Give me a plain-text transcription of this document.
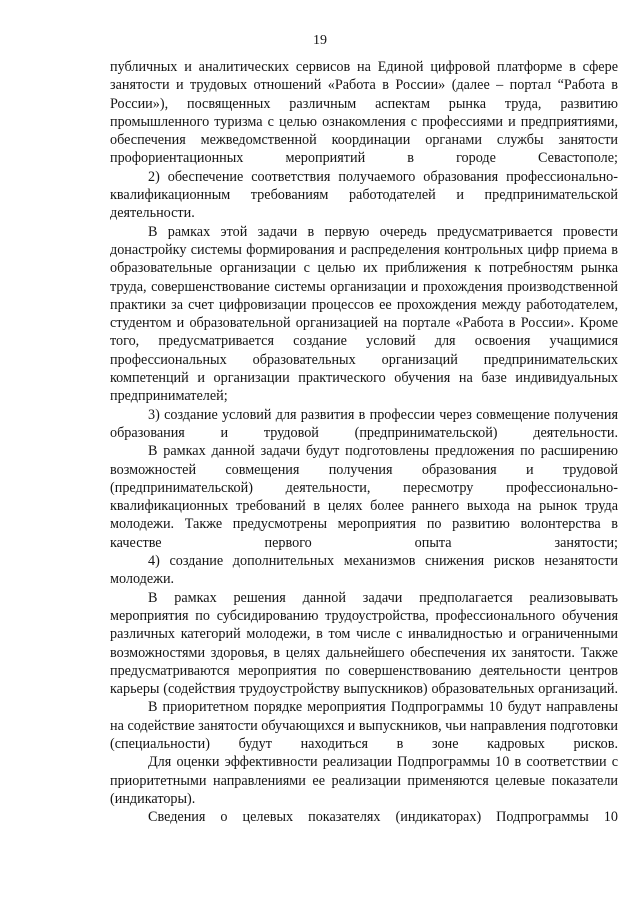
19

публичных и аналитических сервисов на Единой цифровой платформе в сфере занятости и трудовых отношений «Работа в России» (далее – портал “Работа в России»), посвященных различным аспектам рынка труда, развитию промышленного туризма с целью ознакомления с профессиями и предприятиями, обеспечения межведомственной координации органами службы занятости профориентационных мероприятий в городе Севастополе;

2) обеспечение соответствия получаемого образования профессионально-квалификационным требованиям работодателей и предпринимательской деятельности.

В рамках этой задачи в первую очередь предусматривается провести донастройку системы формирования и распределения контрольных цифр приема в образовательные организации с целью их приближения к потребностям рынка труда, совершенствование системы организации и прохождения производственной практики за счет цифровизации процессов ее прохождения между работодателем, студентом и образовательной организацией на портале «Работа в России». Кроме того, предусматривается создание условий для освоения учащимися профессиональных образовательных организаций предпринимательских компетенций и организации практического обучения на базе индивидуальных предпринимателей;

3) создание условий для развития в профессии через совмещение получения образования и трудовой (предпринимательской) деятельности.

В рамках данной задачи будут подготовлены предложения по расширению возможностей совмещения получения образования и трудовой (предпринимательской) деятельности, пересмотру профессионально-квалификационных требований в целях более раннего выхода на рынок труда молодежи. Также предусмотрены мероприятия по развитию волонтерства в качестве первого опыта занятости;

4) создание дополнительных механизмов снижения рисков незанятости молодежи.

В рамках решения данной задачи предполагается реализовывать мероприятия по субсидированию трудоустройства, профессионального обучения различных категорий молодежи, в том числе с инвалидностью и ограниченными возможностями здоровья, в целях дальнейшего обеспечения их занятости. Также предусматриваются мероприятия по совершенствованию деятельности центров карьеры (содействия трудоустройству выпускников) образовательных организаций.

В приоритетном порядке мероприятия Подпрограммы 10 будут направлены на содействие занятости обучающихся и выпускников, чьи направления подготовки (специальности) будут находиться в зоне кадровых рисков.

Для оценки эффективности реализации Подпрограммы 10 в соответствии с приоритетными направлениями ее реализации применяются целевые показатели (индикаторы).

Сведения о целевых показателях (индикаторах) Подпрограммы 10
